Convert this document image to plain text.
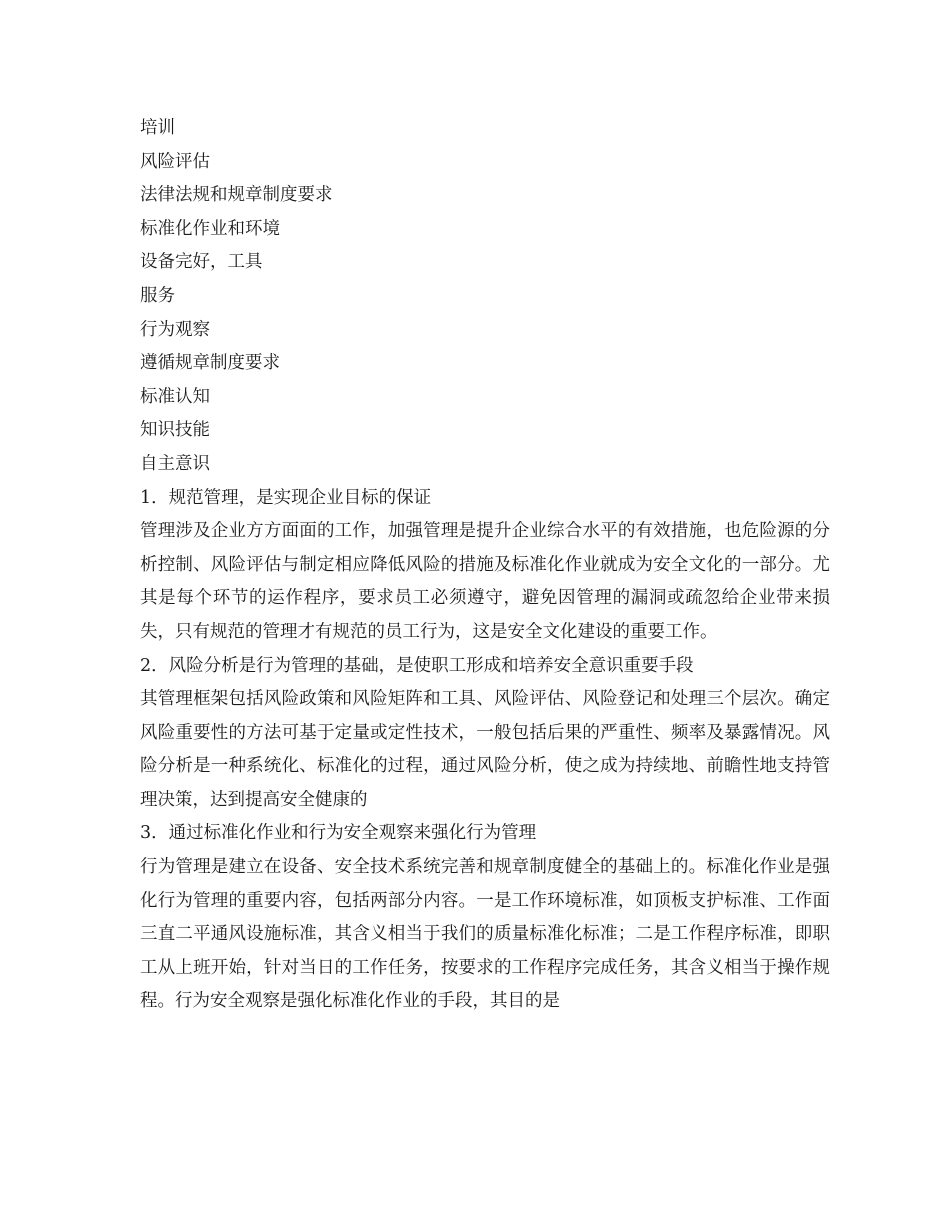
培训
风险评估
法律法规和规章制度要求
标准化作业和环境
设备完好，工具
服务
行为观察
遵循规章制度要求
标准认知
知识技能
自主意识
1．规范管理，是实现企业目标的保证

管理涉及企业方方面面的工作，加强管理是提升企业综合水平的有效措施，也危险源的分析控制、风险评估与制定相应降低风险的措施及标准化作业就成为安全文化的一部分。尤其是每个环节的运作程序，要求员工必须遵守，避免因管理的漏洞或疏忽给企业带来损失，只有规范的管理才有规范的员工行为，这是安全文化建设的重要工作。

2．风险分析是行为管理的基础，是使职工形成和培养安全意识重要手段

其管理框架包括风险政策和风险矩阵和工具、风险评估、风险登记和处理三个层次。确定风险重要性的方法可基于定量或定性技术，一般包括后果的严重性、频率及暴露情况。风险分析是一种系统化、标准化的过程，通过风险分析，使之成为持续地、前瞻性地支持管理决策，达到提高安全健康的

3．通过标准化作业和行为安全观察来强化行为管理

行为管理是建立在设备、安全技术系统完善和规章制度健全的基础上的。标准化作业是强化行为管理的重要内容，包括两部分内容。一是工作环境标准，如顶板支护标准、工作面三直二平通风设施标准，其含义相当于我们的质量标准化标准；二是工作程序标准，即职工从上班开始，针对当日的工作任务，按要求的工作程序完成任务，其含义相当于操作规程。行为安全观察是强化标准化作业的手段，其目的是
